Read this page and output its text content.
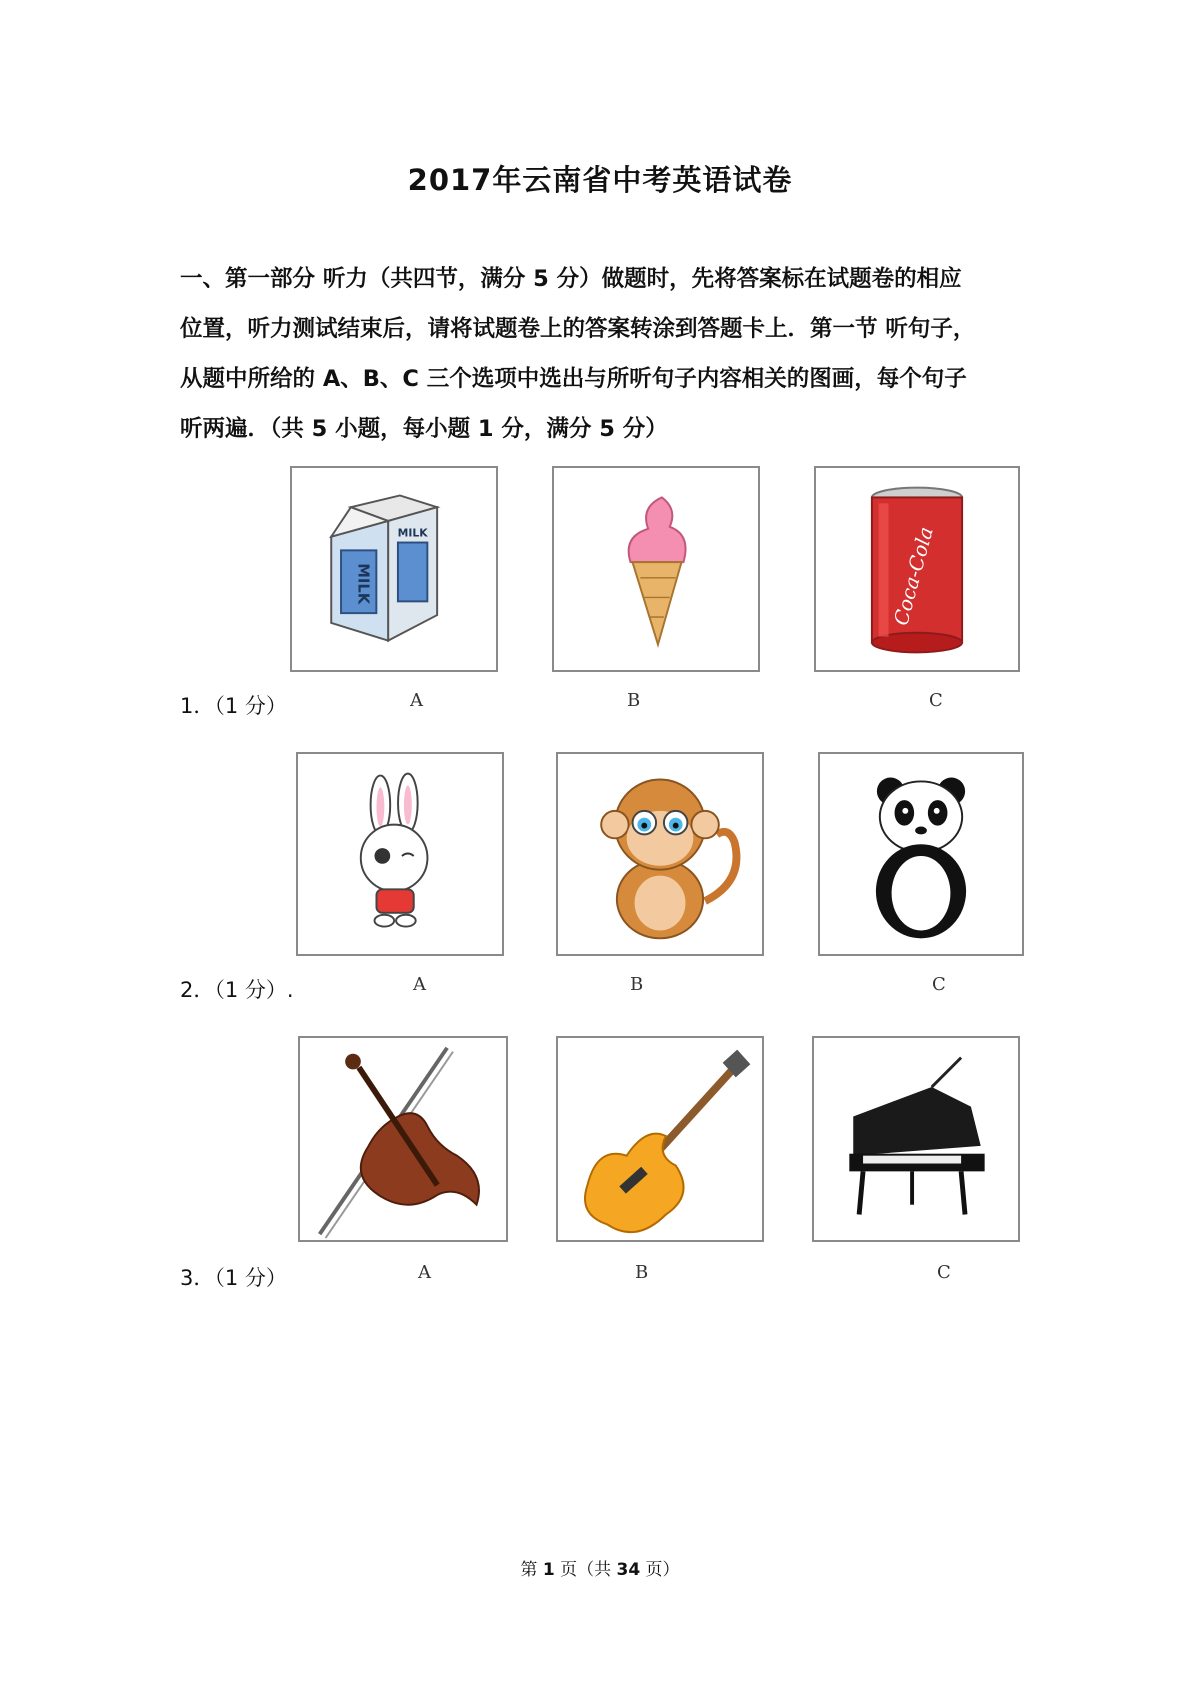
2017年云南省中考英语试卷

一、第一部分 听力（共四节，满分 5 分）做题时，先将答案标在试题卷的相应

位置，听力测试结束后，请将试题卷上的答案转涂到答题卡上．第一节 听句子，

从题中所给的 A、B、C 三个选项中选出与所听句子内容相关的图画，每个句子

听两遍．（共 5 小题，每小题 1 分，满分 5 分）

MILK
MILK	Coca-Cola
1．（1 分）	A	B	C
2．（1 分）.	A	B	C
3．（1 分）	A	B	C
第 1 页（共 34 页）
